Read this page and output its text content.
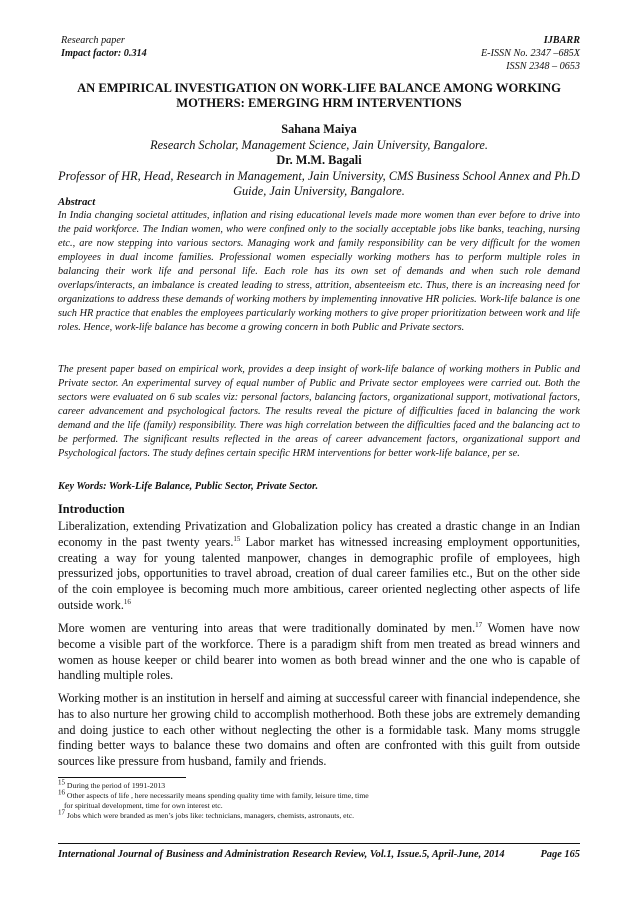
Research paper
Impact factor: 0.314
IJBARR
E-ISSN No. 2347 –685X
ISSN 2348 – 0653
AN EMPIRICAL INVESTIGATION ON WORK-LIFE BALANCE AMONG WORKING
MOTHERS: EMERGING HRM INTERVENTIONS
Sahana Maiya
Research Scholar, Management Science, Jain University, Bangalore.
Dr. M.M. Bagali
Professor of HR, Head, Research in Management, Jain University, CMS Business School Annex and Ph.D Guide, Jain University, Bangalore.
Abstract
In India changing societal attitudes, inflation and rising educational levels made more women than ever before to drive into the paid workforce. The Indian women, who were confined only to the socially acceptable jobs like banks, teaching, nursing etc., are now stepping into various sectors. Managing work and family responsibility can be very difficult for the women employees in dual income families. Professional women especially working mothers has to perform multiple roles in balancing their work life and personal life. Each role has its own set of demands and when such role demand overlaps/interacts, an imbalance is created leading to stress, attrition, absenteeism etc. Thus, there is an increasing need for organizations to address these demands of working mothers by implementing innovative HR policies. Work-life balance is one such HR practice that enables the employees particularly working mothers to give proper prioritization between work and life roles. Hence, work-life balance has become a growing concern in both Public and Private sectors.
The present paper based on empirical work, provides a deep insight of work-life balance of working mothers in Public and Private sector. An experimental survey of equal number of Public and Private sector employees were carried out. Both the sectors were evaluated on 6 sub scales viz: personal factors, balancing factors, organizational support, motivational factors, career advancement and psychological factors. The results reveal the picture of difficulties faced in balancing the work demand and the life (family) responsibility. There was high correlation between the difficulties faced and the balancing act to be performed. The significant results reflected in the areas of career advancement factors, organizational support and Psychological factors. The study defines certain specific HRM interventions for better work-life balance, per se.
Key Words: Work-Life Balance, Public Sector, Private Sector.
Introduction
Liberalization, extending Privatization and Globalization policy has created a drastic change in an Indian economy in the past twenty years.$^{15}$ Labor market has witnessed increasing employment opportunities, creating a way for young talented manpower, changes in demographic profile of employees, high pressurized jobs, opportunities to travel abroad, creation of dual career families etc., But on the other side of the coin employee is becoming much more ambitious, career oriented neglecting other aspects of life outside work.$^{16}$
More women are venturing into areas that were traditionally dominated by men.$^{17}$ Women have now become a visible part of the workforce. There is a paradigm shift from men treated as bread winners and women as house keeper or child bearer into women as both bread winner and the one who is capable of handling multiple roles.
Working mother is an institution in herself and aiming at successful career with financial independence, she has to also nurture her growing child to accomplish motherhood. Both these jobs are extremely demanding and doing justice to each other without neglecting the other is a formidable task. Many moms struggle finding better ways to balance these two domains and often are confronted with this guilt from outside sources like pressure from husband, family and friends.
$^{15}$ During the period of 1991-2013
$^{16}$ Other aspects of life , here necessarily means spending quality time with family, leisure time, time
for spiritual development, time for own interest etc.
$^{17}$ Jobs which were branded as men’s jobs like: technicians, managers, chemists, astronauts, etc.
International Journal of Business and Administration Research Review, Vol.1, Issue.5, April-June, 2014	Page 165
